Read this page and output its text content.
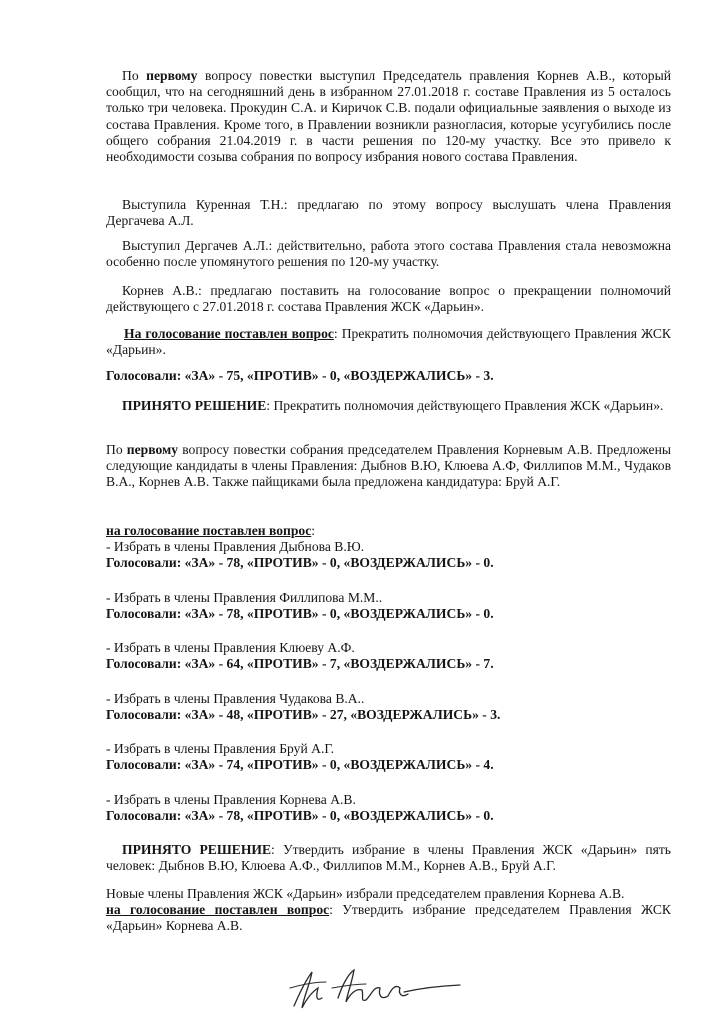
По первому вопросу повестки выступил Председатель правления Корнев А.В., который сообщил, что на сегодняшний день в избранном 27.01.2018 г. составе Правления из 5 осталось только три человека. Прокудин С.А. и Киричок С.В. подали официальные заявления о выходе из состава Правления. Кроме того, в Правлении возникли разногласия, которые усугубились после общего собрания 21.04.2019 г. в части решения по 120-му участку. Все это привело к необходимости созыва собрания по вопросу избрания нового состава Правления.

Выступила Куренная Т.Н.: предлагаю по этому вопросу выслушать члена Правления Дергачева А.Л.

Выступил Дергачев А.Л.: действительно, работа этого состава Правления стала невозможна особенно после упомянутого решения по 120-му участку.

Корнев А.В.: предлагаю поставить на голосование вопрос о прекращении полномочий действующего с 27.01.2018 г. состава Правления ЖСК «Дарьин».

На голосование поставлен вопрос: Прекратить полномочия действующего Правления ЖСК «Дарьин».

Голосовали: «ЗА» - 75, «ПРОТИВ» - 0, «ВОЗДЕРЖАЛИСЬ» - 3.

ПРИНЯТО РЕШЕНИЕ: Прекратить полномочия действующего Правления ЖСК «Дарьин».

По первому вопросу повестки собрания председателем Правления Корневым А.В. Предложены следующие кандидаты в члены Правления: Дыбнов В.Ю, Клюева А.Ф, Филлипов М.М., Чудаков В.А., Корнев А.В. Также пайщиками была предложена кандидатура: Бруй А.Г.

на голосование поставлен вопрос:

- Избрать в члены Правления Дыбнова В.Ю.

Голосовали: «ЗА» - 78, «ПРОТИВ» - 0, «ВОЗДЕРЖАЛИСЬ» - 0.

- Избрать в члены Правления Филлипова М.М..

Голосовали: «ЗА» - 78, «ПРОТИВ» - 0, «ВОЗДЕРЖАЛИСЬ» - 0.

- Избрать в члены Правления Клюеву А.Ф.

Голосовали: «ЗА» - 64, «ПРОТИВ» - 7, «ВОЗДЕРЖАЛИСЬ» - 7.

- Избрать в члены Правления Чудакова В.А..

Голосовали: «ЗА» - 48, «ПРОТИВ» - 27, «ВОЗДЕРЖАЛИСЬ» - 3.

- Избрать в члены Правления Бруй А.Г.

Голосовали: «ЗА» - 74, «ПРОТИВ» - 0, «ВОЗДЕРЖАЛИСЬ» - 4.

- Избрать в члены Правления Корнева А.В.

Голосовали: «ЗА» - 78, «ПРОТИВ» - 0, «ВОЗДЕРЖАЛИСЬ» - 0.

ПРИНЯТО РЕШЕНИЕ: Утвердить избрание в члены Правления ЖСК «Дарьин» пять человек: Дыбнов В.Ю, Клюева А.Ф., Филлипов М.М., Корнев А.В., Бруй А.Г.

Новые члены Правления ЖСК «Дарьин» избрали председателем правления Корнева А.В.

на голосование поставлен вопрос: Утвердить избрание председателем Правления ЖСК «Дарьин» Корнева А.В.
